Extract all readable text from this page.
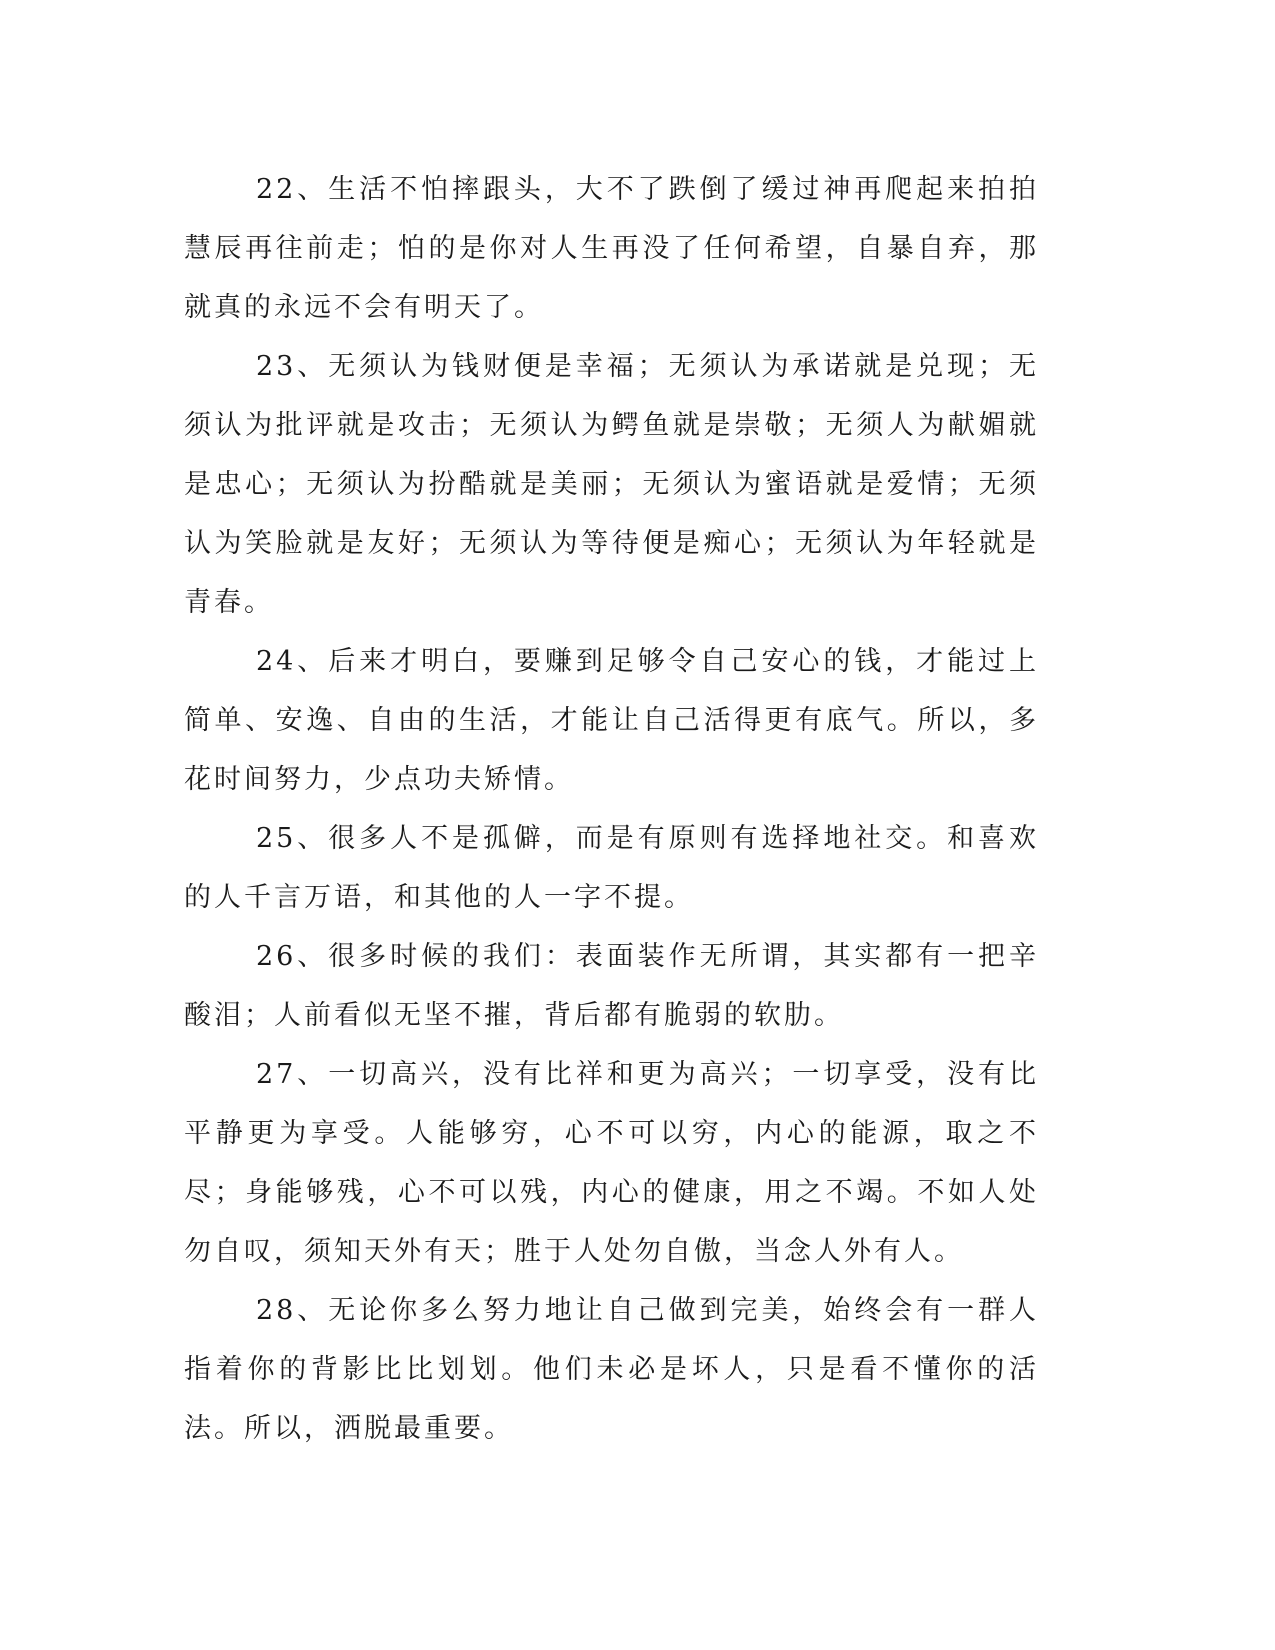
22、生活不怕摔跟头，大不了跌倒了缓过神再爬起来拍拍慧辰再往前走；怕的是你对人生再没了任何希望，自暴自弃，那就真的永远不会有明天了。

23、无须认为钱财便是幸福；无须认为承诺就是兑现；无须认为批评就是攻击；无须认为鳄鱼就是崇敬；无须人为献媚就是忠心；无须认为扮酷就是美丽；无须认为蜜语就是爱情；无须认为笑脸就是友好；无须认为等待便是痴心；无须认为年轻就是青春。

24、后来才明白，要赚到足够令自己安心的钱，才能过上简单、安逸、自由的生活，才能让自己活得更有底气。所以，多花时间努力，少点功夫矫情。

25、很多人不是孤僻，而是有原则有选择地社交。和喜欢的人千言万语，和其他的人一字不提。

26、很多时候的我们：表面装作无所谓，其实都有一把辛酸泪；人前看似无坚不摧，背后都有脆弱的软肋。

27、一切高兴，没有比祥和更为高兴；一切享受，没有比平静更为享受。人能够穷，心不可以穷，内心的能源，取之不尽；身能够残，心不可以残，内心的健康，用之不竭。不如人处勿自叹，须知天外有天；胜于人处勿自傲，当念人外有人。

28、无论你多么努力地让自己做到完美，始终会有一群人指着你的背影比比划划。他们未必是坏人，只是看不懂你的活法。所以，洒脱最重要。
